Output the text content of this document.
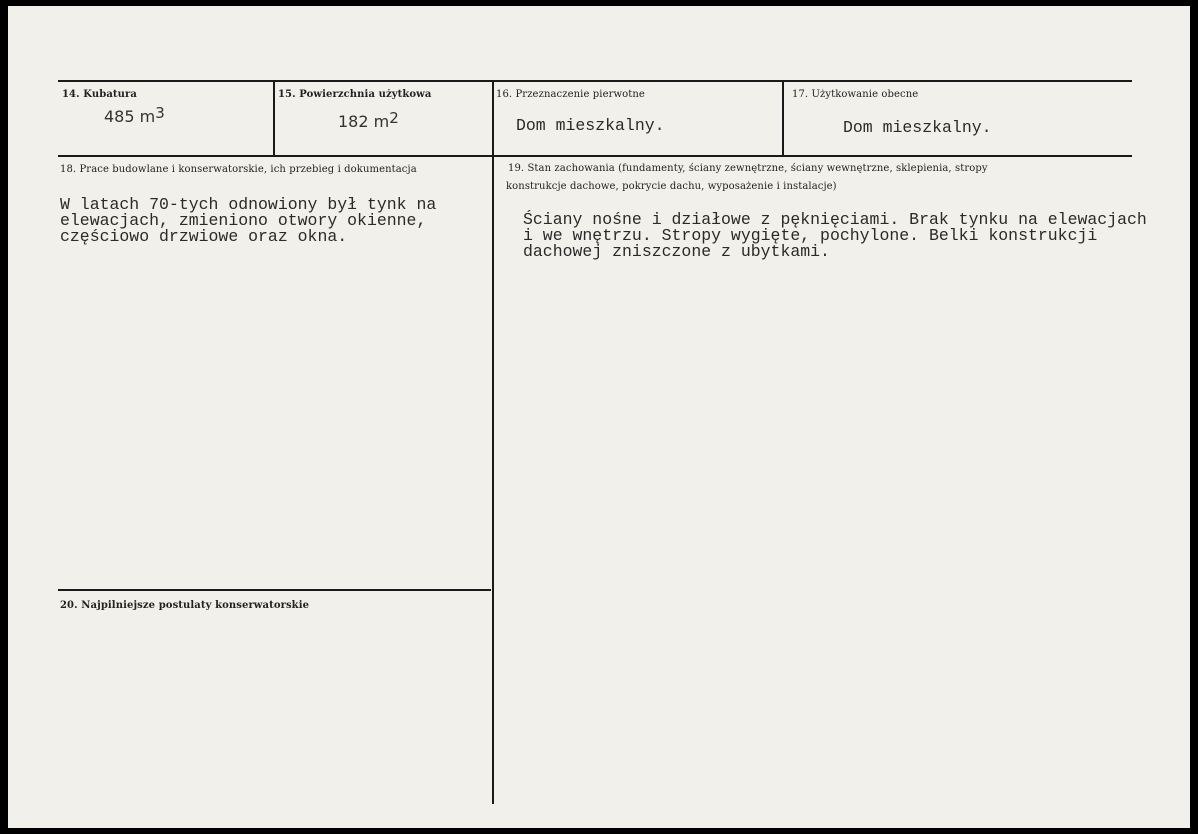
14. Kubatura
485 $m^3$
15. Powierzchnia użytkowa
182 $m^2$
16. Przeznaczenie pierwotne
Dom mieszkalny.
17. Użytkowanie obecne
Dom mieszkalny.
18. Prace budowlane i konserwatorskie, ich przebieg i dokumentacja
W latach 70-tych odnowiony był tynk na
elewacjach, zmieniono otwory okienne,
częściowo drzwiowe oraz okna.
19. Stan zachowania (fundamenty, ściany zewnętrzne, ściany wewnętrzne, sklepienia, stropy
konstrukcje dachowe, pokrycie dachu, wyposażenie i instalacje)
Ściany nośne i działowe z pęknięciami. Brak tynku na elewacjach
i we wnętrzu. Stropy wygięte, pochylone. Belki konstrukcji
dachowej zniszczone z ubytkami.
20. Najpilniejsze postulaty konserwatorskie
